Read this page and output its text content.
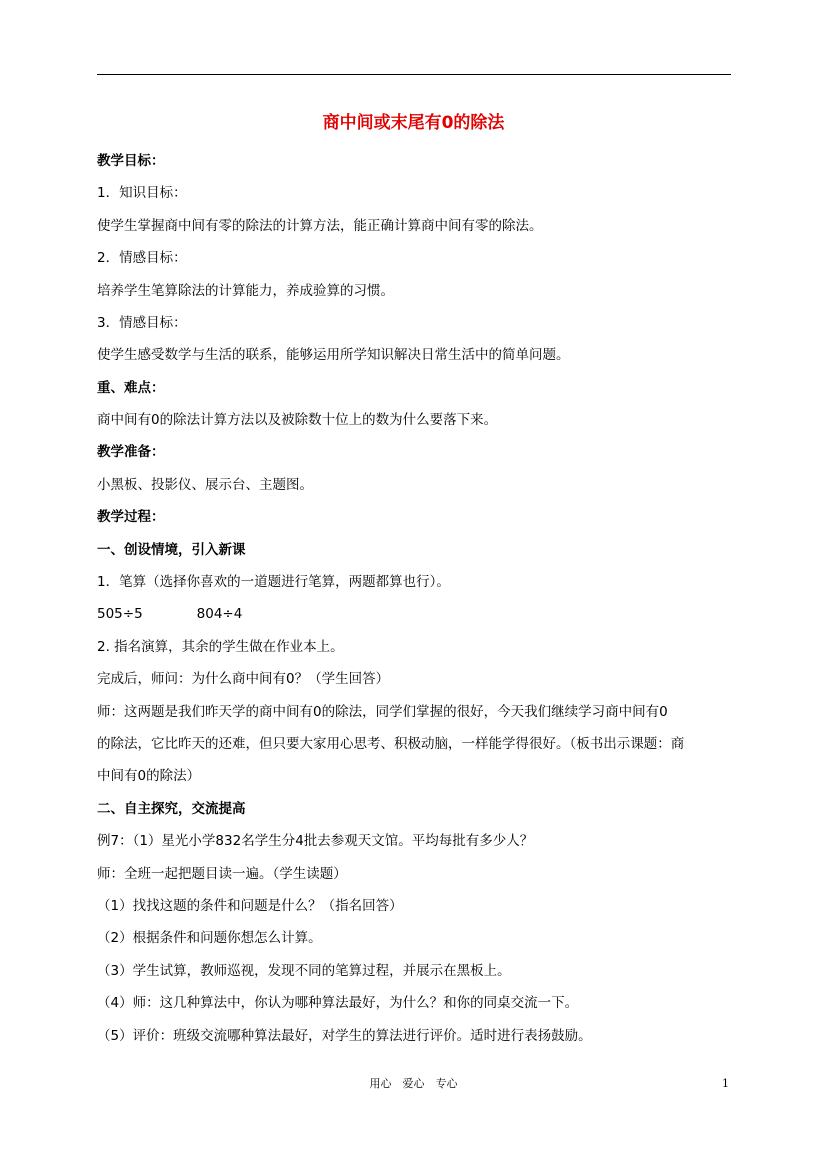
商中间或末尾有0的除法
教学目标：
1．知识目标：
使学生掌握商中间有零的除法的计算方法，能正确计算商中间有零的除法。
2．情感目标：
培养学生笔算除法的计算能力，养成验算的习惯。
3．情感目标：
使学生感受数学与生活的联系，能够运用所学知识解决日常生活中的简单问题。
重、难点：
商中间有0的除法计算方法以及被除数十位上的数为什么要落下来。
教学准备：
小黑板、投影仪、展示台、主题图。
教学过程：
一、创设情境，引入新课
1．笔算（选择你喜欢的一道题进行笔算，两题都算也行）。
505÷5　　　　804÷4
2. 指名演算，其余的学生做在作业本上。
完成后，师问：为什么商中间有0？（学生回答）
师：这两题是我们昨天学的商中间有0的除法，同学们掌握的很好，今天我们继续学习商中间有0
的除法，它比昨天的还难，但只要大家用心思考、积极动脑，一样能学得很好。（板书出示课题：商
中间有0的除法）
二、自主探究，交流提高
例7：（1）星光小学832名学生分4批去参观天文馆。平均每批有多少人？
师：全班一起把题目读一遍。（学生读题）
（1）找找这题的条件和问题是什么？（指名回答）
（2）根据条件和问题你想怎么计算。
（3）学生试算，教师巡视，发现不同的笔算过程，并展示在黑板上。
（4）师：这几种算法中，你认为哪种算法最好，为什么？和你的同桌交流一下。
（5）评价：班级交流哪种算法最好，对学生的算法进行评价。适时进行表扬鼓励。
用心　爱心　专心	1
